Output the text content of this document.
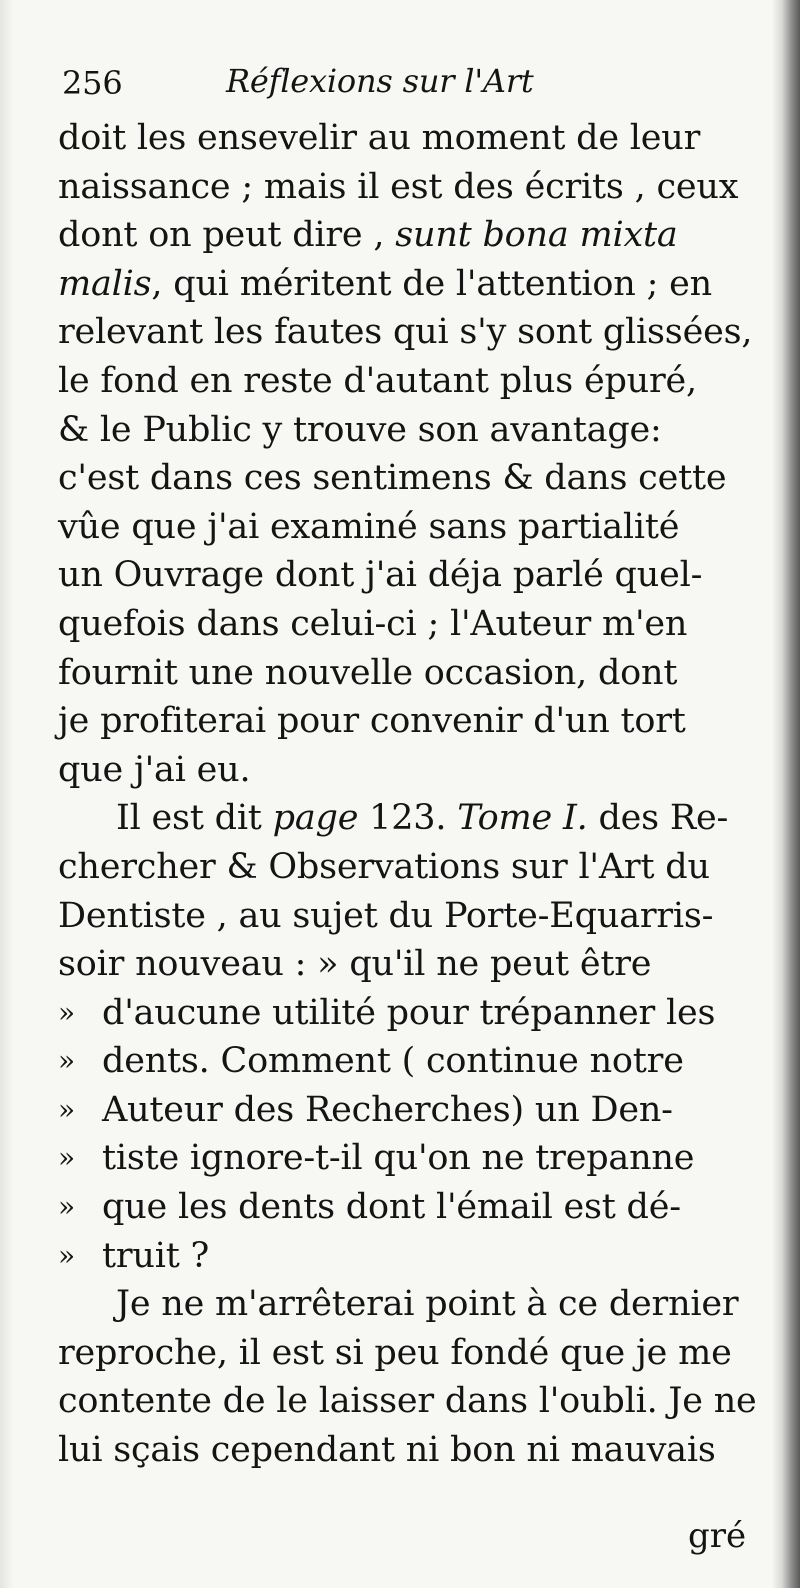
256	Réflexions sur l'Art
doit les ensevelir au moment de leur
naissance ; mais il est des écrits , ceux
dont on peut dire ,
sunt bona mixta
malis , qui méritent de l'attention ; en
relevant les fautes qui s'y sont glissées,
le fond en reste d'autant plus épuré,
& le Public y trouve son avantage:
c'est dans ces sentimens & dans cette
vûe que j'ai examiné sans partialité
un Ouvrage dont j'ai déja parlé quel-
quefois dans celui-ci ; l'Auteur m'en
fournit une nouvelle occasion, dont
je profiterai pour convenir d'un tort
que j'ai eu.
Il est dit
page
123.
Tome I.
des Re-
chercher & Observations sur l'Art du
Dentiste , au sujet du Porte-Equarris-
soir nouveau : » qu'il ne peut être
» d'aucune utilité pour trépanner les
» dents. Comment ( continue notre
» Auteur des Recherches) un Den-
» tiste ignore-t-il qu'on ne trepanne
» que les dents dont l'émail est dé-
» truit ?
Je ne m'arrêterai point à ce dernier
reproche, il est si peu fondé que je me
contente de le laisser dans l'oubli. Je ne
lui sçais cependant ni bon ni mauvais
gré
